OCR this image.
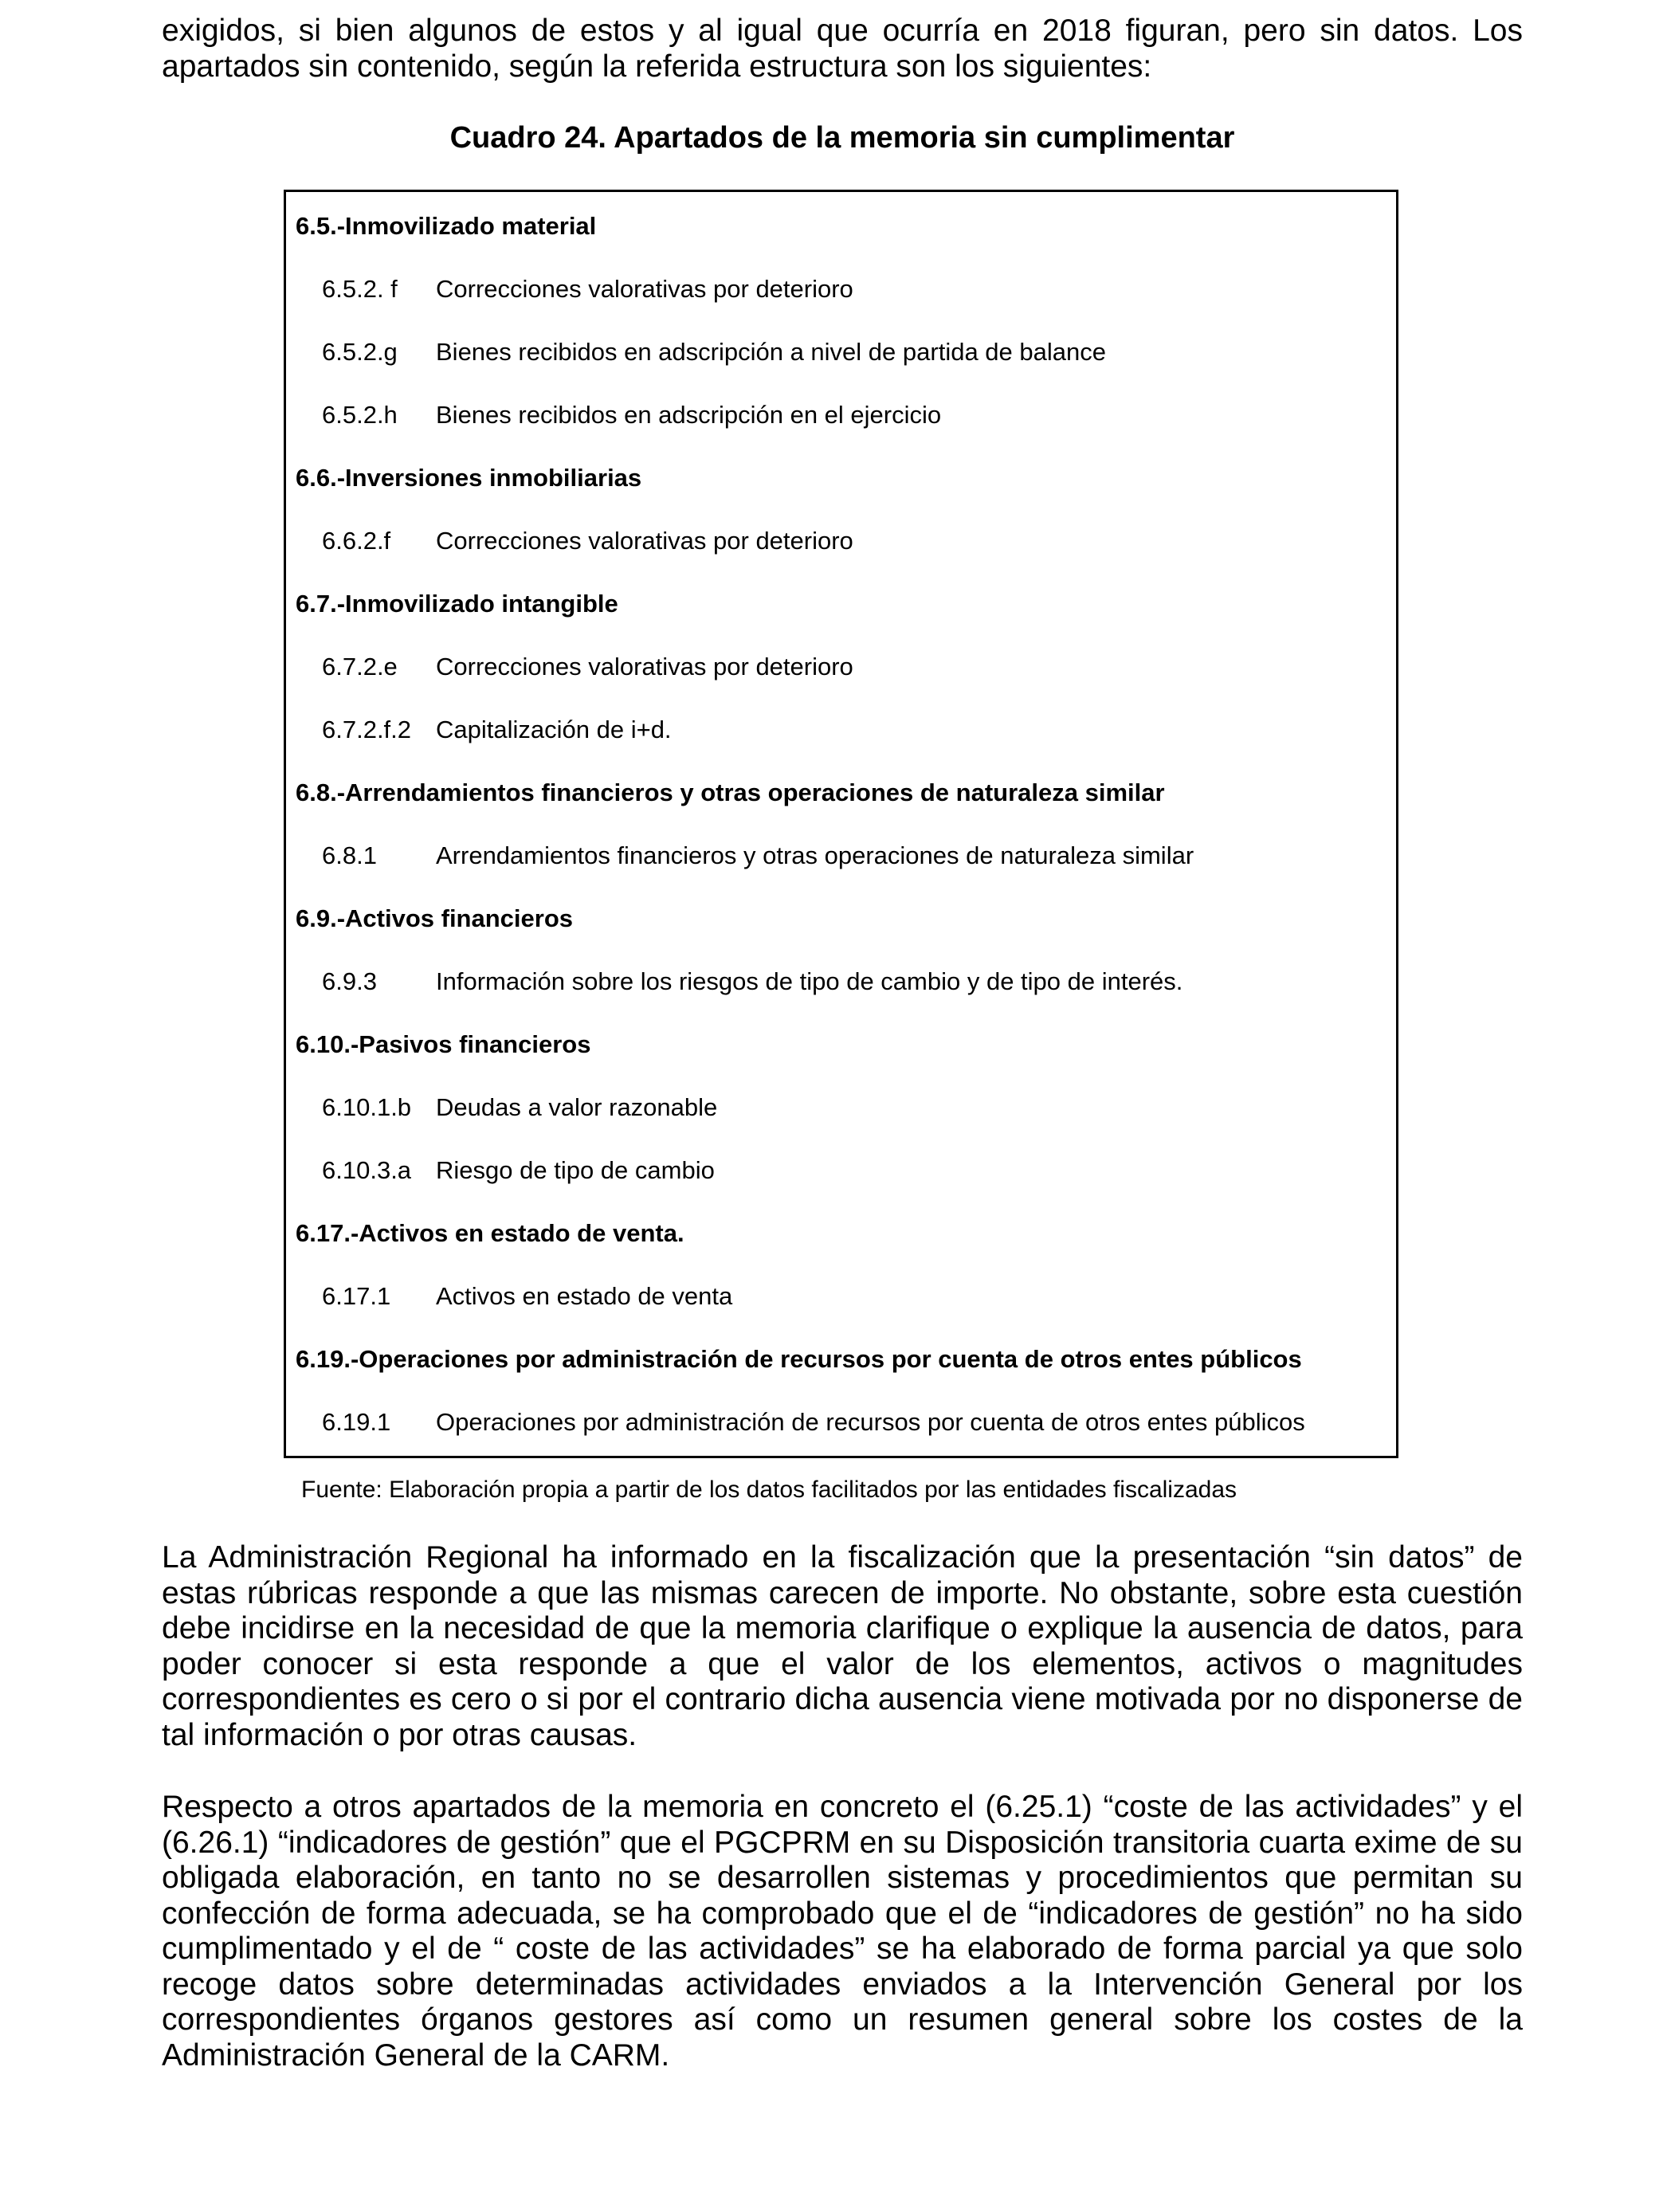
exigidos, si bien algunos de estos y al igual que ocurría en 2018 figuran, pero sin datos. Los apartados sin contenido, según la referida estructura son los siguientes:

Cuadro 24. Apartados de la memoria sin cumplimentar
6.5.-Inmovilizado material
6.5.2. f Correcciones valorativas por deterioro
6.5.2.g Bienes recibidos en adscripción a nivel de partida de balance
6.5.2.h Bienes recibidos en adscripción en el ejercicio
6.6.-Inversiones inmobiliarias
6.6.2.f Correcciones valorativas por deterioro
6.7.-Inmovilizado intangible
6.7.2.e Correcciones valorativas por deterioro
6.7.2.f.2 Capitalización de i+d.
6.8.-Arrendamientos financieros y otras operaciones de naturaleza similar
6.8.1 Arrendamientos financieros y otras operaciones de naturaleza similar
6.9.-Activos financieros
6.9.3 Información sobre los riesgos de tipo de cambio y de tipo de interés.
6.10.-Pasivos financieros
6.10.1.b Deudas a valor razonable
6.10.3.a Riesgo de tipo de cambio
6.17.-Activos en estado de venta.
6.17.1 Activos en estado de venta
6.19.-Operaciones por administración de recursos por cuenta de otros entes públicos
6.19.1 Operaciones por administración de recursos por cuenta de otros entes públicos

Fuente: Elaboración propia a partir de los datos facilitados por las entidades fiscalizadas

La Administración Regional ha informado en la fiscalización que la presentación “sin datos” de estas rúbricas responde a que las mismas carecen de importe. No obstante, sobre esta cuestión debe incidirse en la necesidad de que la memoria clarifique o explique la ausencia de datos, para poder conocer si esta responde a que el valor de los elementos, activos o magnitudes correspondientes es cero o si por el contrario dicha ausencia viene motivada por no disponerse de tal información o por otras causas.

Respecto a otros apartados de la memoria en concreto el (6.25.1) “coste de las actividades” y el (6.26.1) “indicadores de gestión” que el PGCPRM en su Disposición transitoria cuarta exime de su obligada elaboración, en tanto no se desarrollen sistemas y procedimientos que permitan su confección de forma adecuada, se ha comprobado que el de “indicadores de gestión” no ha sido cumplimentado y el de “ coste de las actividades” se ha elaborado de forma parcial ya que solo recoge datos sobre determinadas actividades enviados a la Intervención General por los correspondientes órganos gestores así como un resumen general sobre los costes de la Administración General de la CARM.
